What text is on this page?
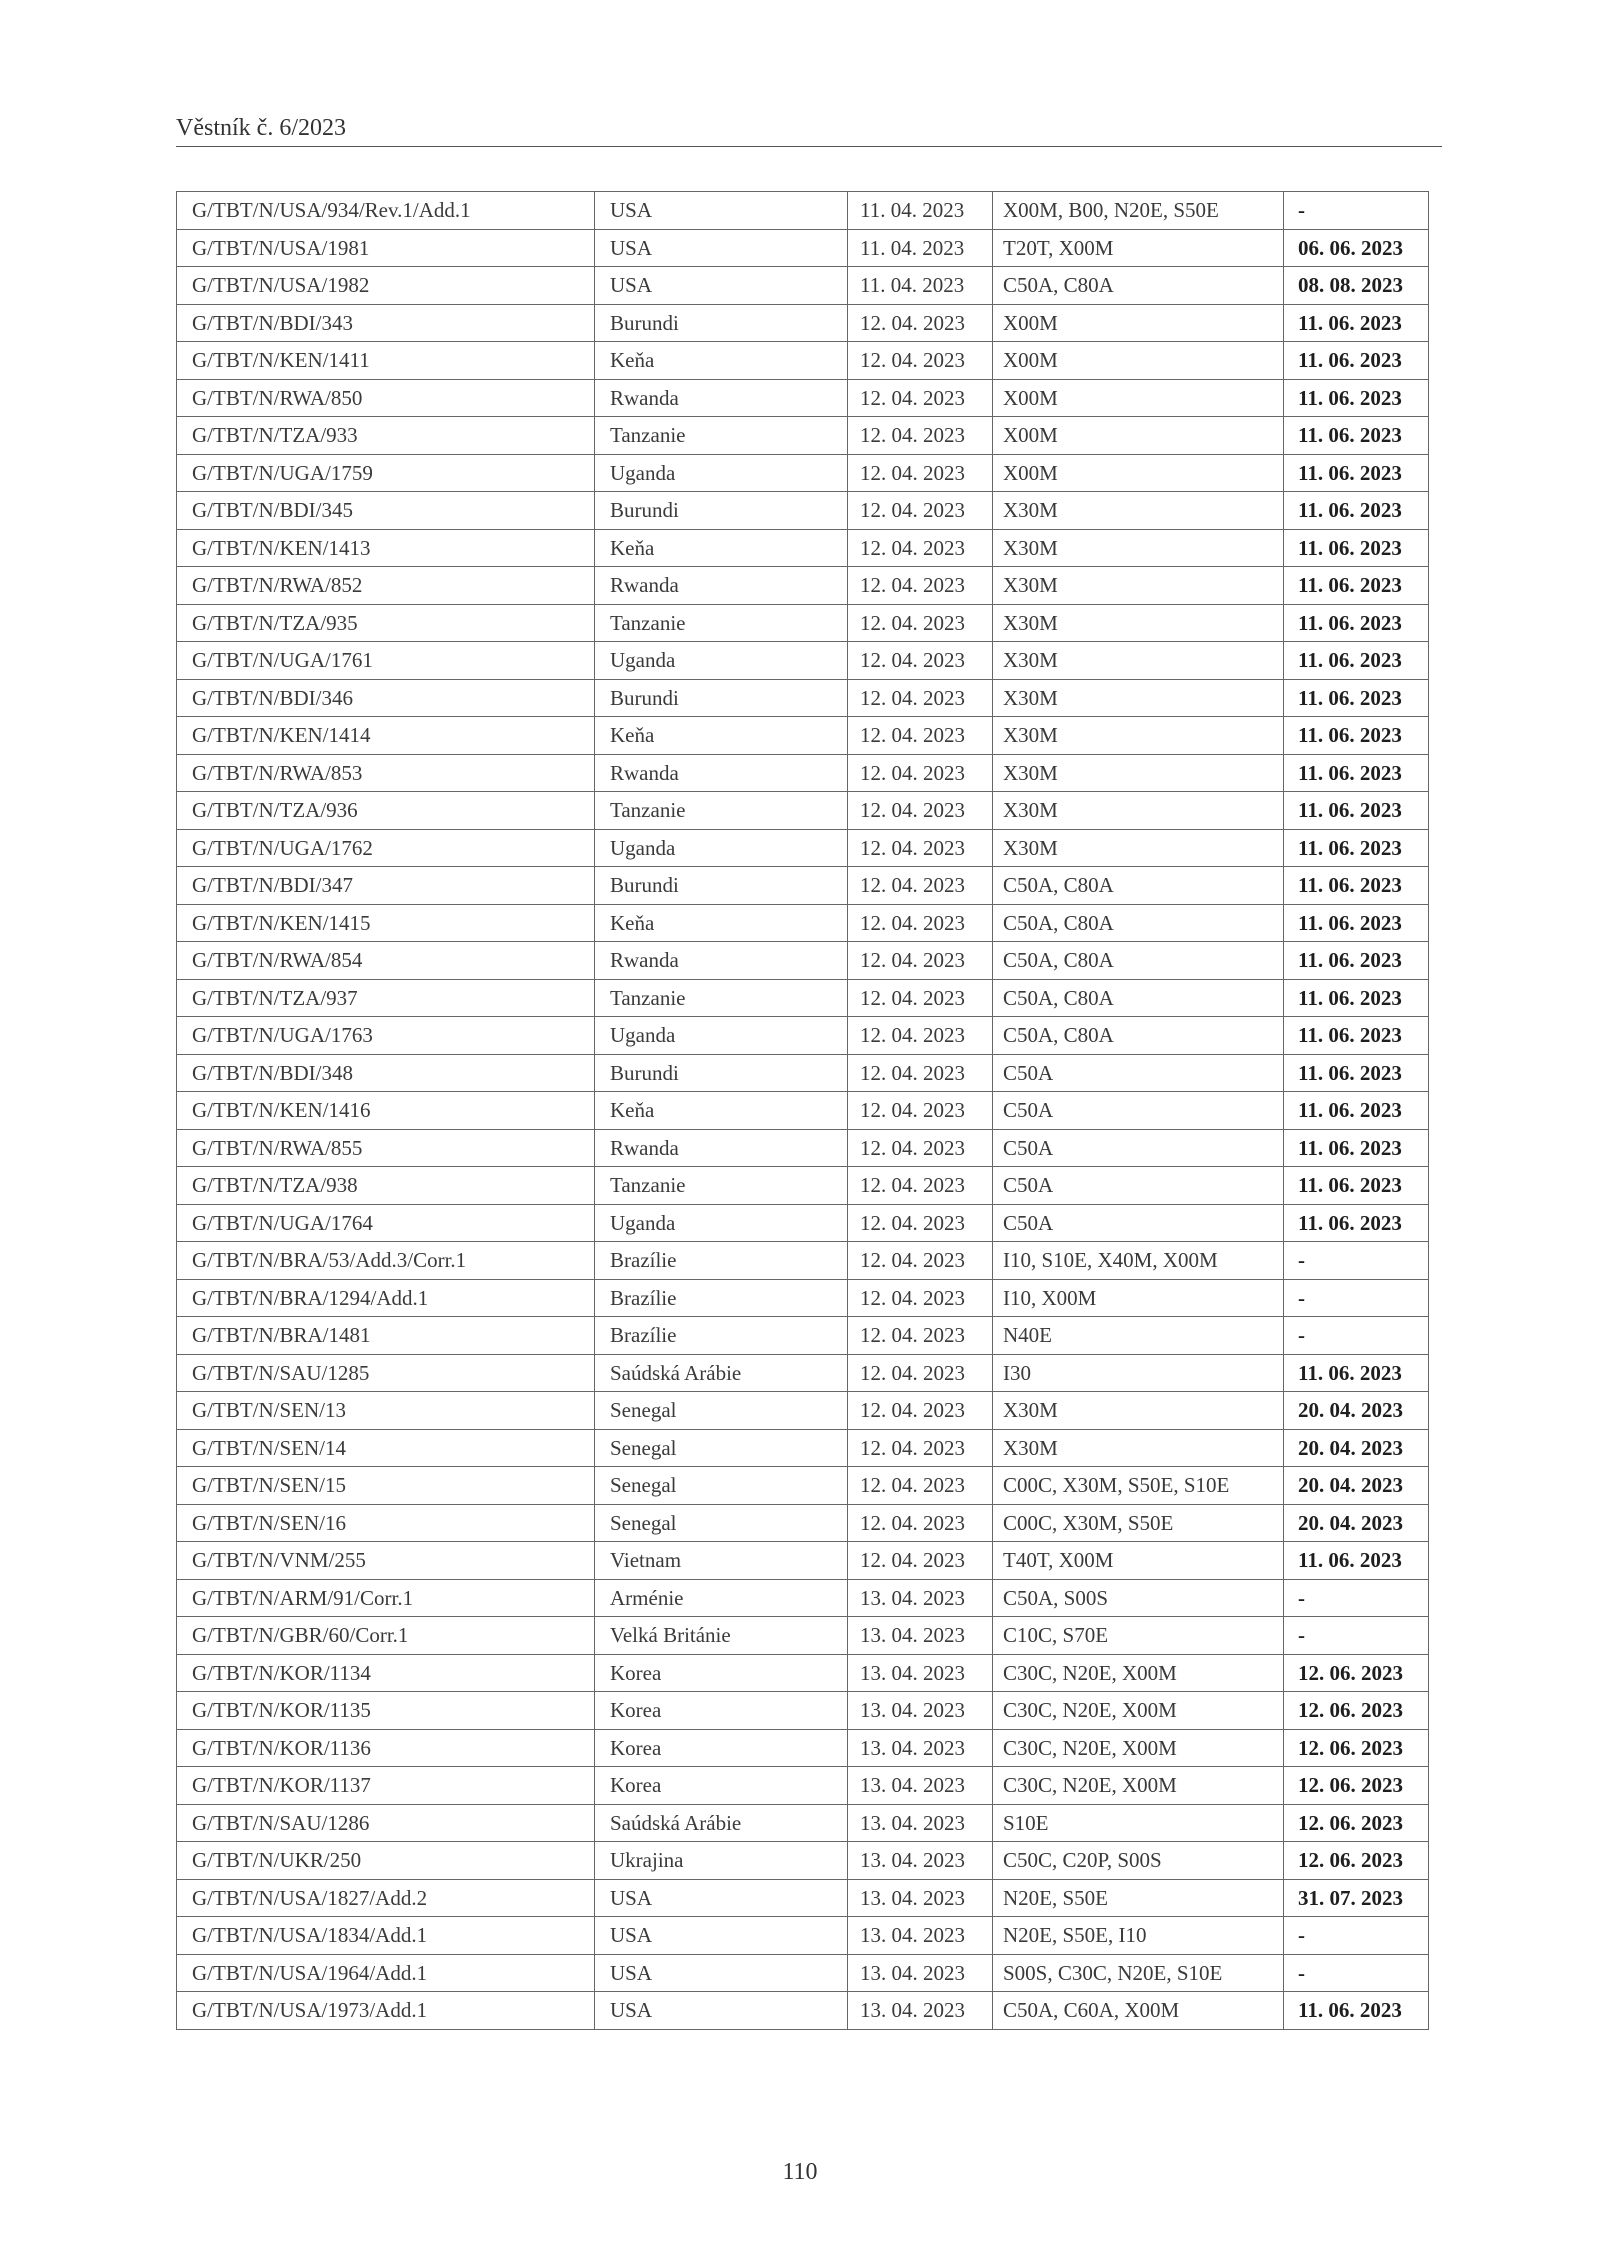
Věstník č. 6/2023
G/TBT/N/USA/934/Rev.1/Add.1	USA	11. 04. 2023	X00M, B00, N20E, S50E	-
G/TBT/N/USA/1981	USA	11. 04. 2023	T20T, X00M	06. 06. 2023
G/TBT/N/USA/1982	USA	11. 04. 2023	C50A, C80A	08. 08. 2023
G/TBT/N/BDI/343	Burundi	12. 04. 2023	X00M	11. 06. 2023
G/TBT/N/KEN/1411	Keňa	12. 04. 2023	X00M	11. 06. 2023
G/TBT/N/RWA/850	Rwanda	12. 04. 2023	X00M	11. 06. 2023
G/TBT/N/TZA/933	Tanzanie	12. 04. 2023	X00M	11. 06. 2023
G/TBT/N/UGA/1759	Uganda	12. 04. 2023	X00M	11. 06. 2023
G/TBT/N/BDI/345	Burundi	12. 04. 2023	X30M	11. 06. 2023
G/TBT/N/KEN/1413	Keňa	12. 04. 2023	X30M	11. 06. 2023
G/TBT/N/RWA/852	Rwanda	12. 04. 2023	X30M	11. 06. 2023
G/TBT/N/TZA/935	Tanzanie	12. 04. 2023	X30M	11. 06. 2023
G/TBT/N/UGA/1761	Uganda	12. 04. 2023	X30M	11. 06. 2023
G/TBT/N/BDI/346	Burundi	12. 04. 2023	X30M	11. 06. 2023
G/TBT/N/KEN/1414	Keňa	12. 04. 2023	X30M	11. 06. 2023
G/TBT/N/RWA/853	Rwanda	12. 04. 2023	X30M	11. 06. 2023
G/TBT/N/TZA/936	Tanzanie	12. 04. 2023	X30M	11. 06. 2023
G/TBT/N/UGA/1762	Uganda	12. 04. 2023	X30M	11. 06. 2023
G/TBT/N/BDI/347	Burundi	12. 04. 2023	C50A, C80A	11. 06. 2023
G/TBT/N/KEN/1415	Keňa	12. 04. 2023	C50A, C80A	11. 06. 2023
G/TBT/N/RWA/854	Rwanda	12. 04. 2023	C50A, C80A	11. 06. 2023
G/TBT/N/TZA/937	Tanzanie	12. 04. 2023	C50A, C80A	11. 06. 2023
G/TBT/N/UGA/1763	Uganda	12. 04. 2023	C50A, C80A	11. 06. 2023
G/TBT/N/BDI/348	Burundi	12. 04. 2023	C50A	11. 06. 2023
G/TBT/N/KEN/1416	Keňa	12. 04. 2023	C50A	11. 06. 2023
G/TBT/N/RWA/855	Rwanda	12. 04. 2023	C50A	11. 06. 2023
G/TBT/N/TZA/938	Tanzanie	12. 04. 2023	C50A	11. 06. 2023
G/TBT/N/UGA/1764	Uganda	12. 04. 2023	C50A	11. 06. 2023
G/TBT/N/BRA/53/Add.3/Corr.1	Brazílie	12. 04. 2023	I10, S10E, X40M, X00M	-
G/TBT/N/BRA/1294/Add.1	Brazílie	12. 04. 2023	I10, X00M	-
G/TBT/N/BRA/1481	Brazílie	12. 04. 2023	N40E	-
G/TBT/N/SAU/1285	Saúdská Arábie	12. 04. 2023	I30	11. 06. 2023
G/TBT/N/SEN/13	Senegal	12. 04. 2023	X30M	20. 04. 2023
G/TBT/N/SEN/14	Senegal	12. 04. 2023	X30M	20. 04. 2023
G/TBT/N/SEN/15	Senegal	12. 04. 2023	C00C, X30M, S50E, S10E	20. 04. 2023
G/TBT/N/SEN/16	Senegal	12. 04. 2023	C00C, X30M, S50E	20. 04. 2023
G/TBT/N/VNM/255	Vietnam	12. 04. 2023	T40T, X00M	11. 06. 2023
G/TBT/N/ARM/91/Corr.1	Arménie	13. 04. 2023	C50A, S00S	-
G/TBT/N/GBR/60/Corr.1	Velká Británie	13. 04. 2023	C10C, S70E	-
G/TBT/N/KOR/1134	Korea	13. 04. 2023	C30C, N20E, X00M	12. 06. 2023
G/TBT/N/KOR/1135	Korea	13. 04. 2023	C30C, N20E, X00M	12. 06. 2023
G/TBT/N/KOR/1136	Korea	13. 04. 2023	C30C, N20E, X00M	12. 06. 2023
G/TBT/N/KOR/1137	Korea	13. 04. 2023	C30C, N20E, X00M	12. 06. 2023
G/TBT/N/SAU/1286	Saúdská Arábie	13. 04. 2023	S10E	12. 06. 2023
G/TBT/N/UKR/250	Ukrajina	13. 04. 2023	C50C, C20P, S00S	12. 06. 2023
G/TBT/N/USA/1827/Add.2	USA	13. 04. 2023	N20E, S50E	31. 07. 2023
G/TBT/N/USA/1834/Add.1	USA	13. 04. 2023	N20E, S50E, I10	-
G/TBT/N/USA/1964/Add.1	USA	13. 04. 2023	S00S, C30C, N20E, S10E	-
G/TBT/N/USA/1973/Add.1	USA	13. 04. 2023	C50A, C60A, X00M	11. 06. 2023
110
